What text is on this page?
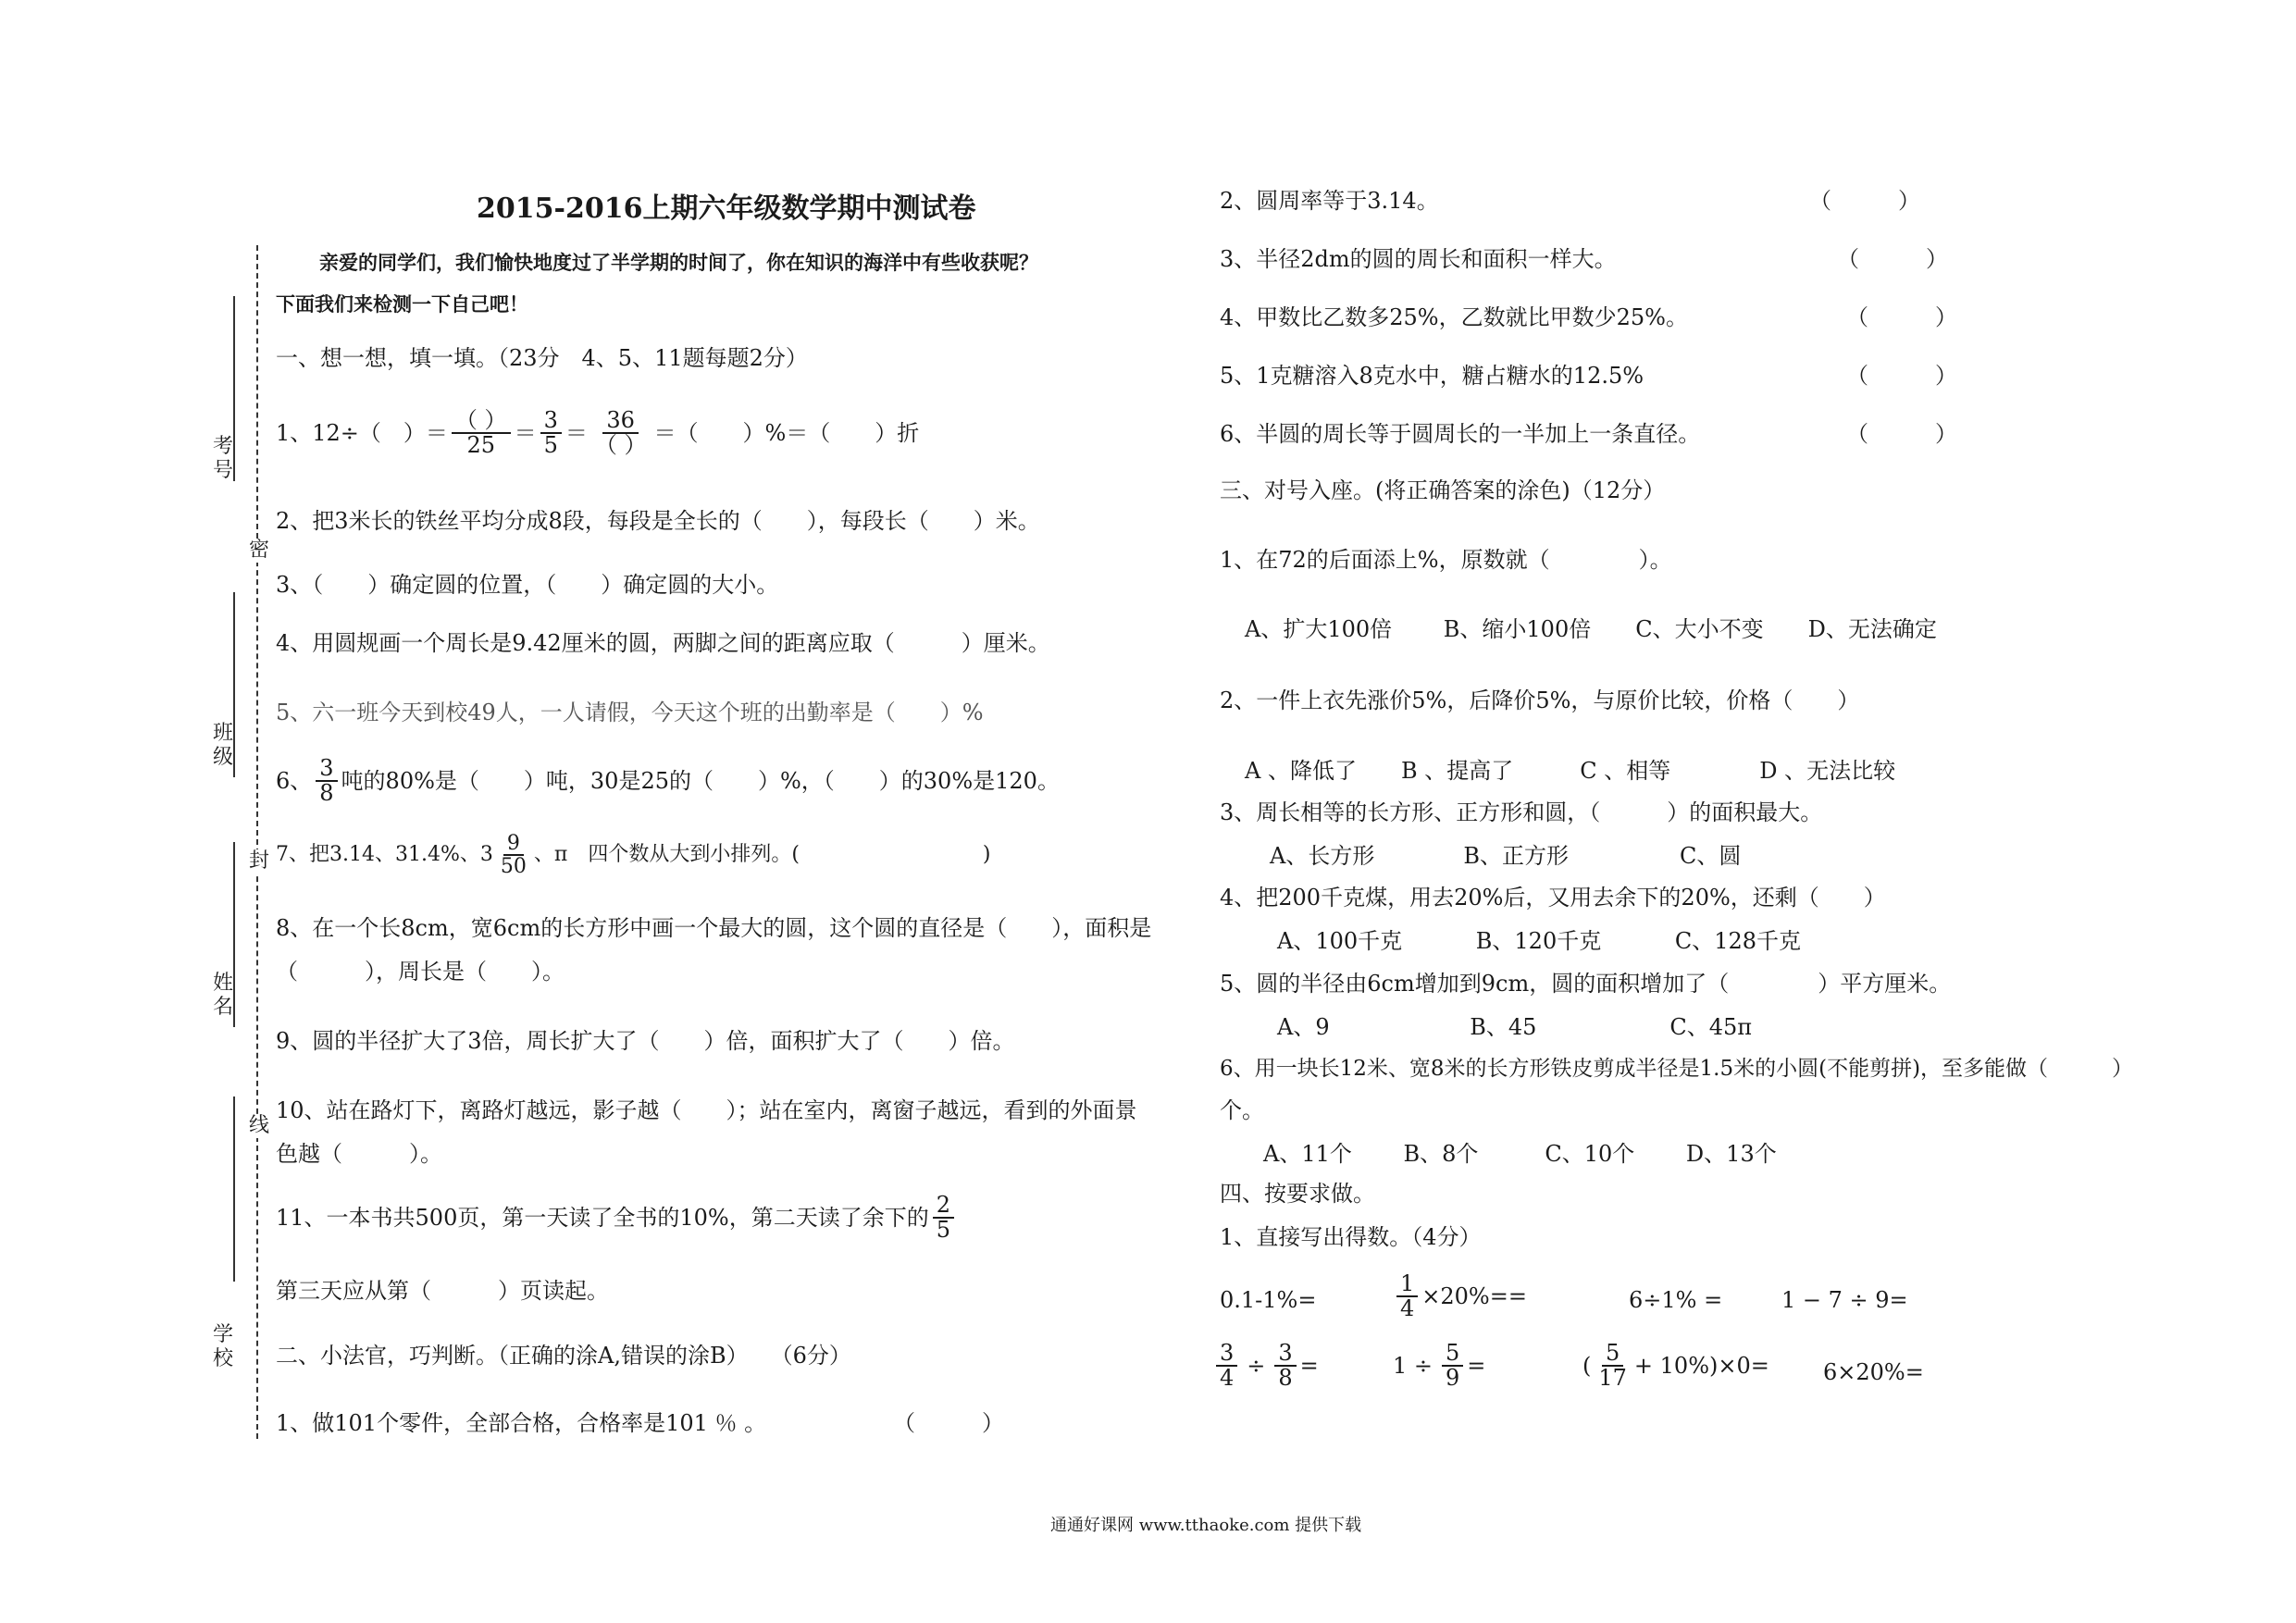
考号
班级
姓名
学校
密
封
线
2015-2016上期六年级数学期中测试卷
亲爱的同学们，我们愉快地度过了半学期的时间了，你在知识的海洋中有些收获呢？
下面我们来检测一下自己吧！
一、想一想，填一填。（23分　4、5、11题每题2分）
1、12÷（　）＝ $\frac{( )}{25} = \frac{3}{5} = \frac{36}{( )}$ ＝（　　）%＝（　　）折
2、把3米长的铁丝平均分成8段，每段是全长的（　　），每段长（　　）米。
3、（　　）确定圆的位置，（　　）确定圆的大小。
4、用圆规画一个周长是9.42厘米的圆，两脚之间的距离应取（　　　）厘米。
5、六一班今天到校49人，一人请假，今天这个班的出勤率是（　　）%
6、 $\frac{3}{8}$ 吨的80%是（　　）吨，30是25的（　　）%，（　　）的30%是120。
7、把3.14、31.4%、$3 \frac{9}{50}$ 、π　四个数从大到小排列。(　　　　　　　　　)
8、在一个长8cm，宽6cm的长方形中画一个最大的圆，这个圆的直径是（　　），面积是
（　　　），周长是（　　）。
9、圆的半径扩大了3倍，周长扩大了（　　）倍，面积扩大了（　　）倍。
10、站在路灯下，离路灯越远，影子越（　　）；站在室内，离窗子越远，看到的外面景
色越（　　　）。
11、一本书共500页，第一天读了全书的10%，第二天读了余下的 $\frac{2}{5}$
第三天应从第（　　　）页读起。
二、小法官，巧判断。（正确的涂A,错误的涂B）　　（6分）
1、做101个零件，全部合格，合格率是101 ％ 。	（　　　）
2、圆周率等于3.14。	（　　　）
3、半径2dm的圆的周长和面积一样大。	（　　　）
4、甲数比乙数多25%，乙数就比甲数少25%。	（　　　）
5、1克糖溶入8克水中，糖占糖水的12.5%	（　　　）
6、半圆的周长等于圆周长的一半加上一条直径。	（　　　）
三、对号入座。(将正确答案的涂色)（12分）
1、在72的后面添上%，原数就（　　　　）。
A、扩大100倍　　 B、缩小100倍　　C、大小不变　　D、无法确定
2、一件上衣先涨价5%，后降价5%，与原价比较，价格（　　）
A 、降低了　　B 、提高了　　　C 、相等　　　　D 、无法比较
3、周长相等的长方形、正方形和圆，（　　　）的面积最大。
A、长方形　　　　B、正方形　　　　　C、圆
4、把200千克煤，用去20%后，又用去余下的20%，还剩（　　）
A、100千克　　　 B、120千克　　　 C、128千克
5、圆的半径由6cm增加到9cm，圆的面积增加了（　　　　）平方厘米。
A、9　　　　　　 B、45　　　　　　C、45π
6、用一块长12米、宽8米的长方形铁皮剪成半径是1.5米的小圆(不能剪拼)，至多能做（　　　）
个。
A、11个　　 B、8个　　　C、10个　　 D、13个
四、按要求做。
1、直接写出得数。（4分）
0.1-1%=	$\frac{1}{4} \times 20\%==$	6÷1% =	1 − 7 ÷ 9=
$\frac{3}{4} \div \frac{3}{8}$ =	$1 \div \frac{5}{9}$ =	( $\frac{5}{17} + 10\%)\times 0= 6\times 20\%=$
通通好课网 www.tthaoke.com 提供下载
